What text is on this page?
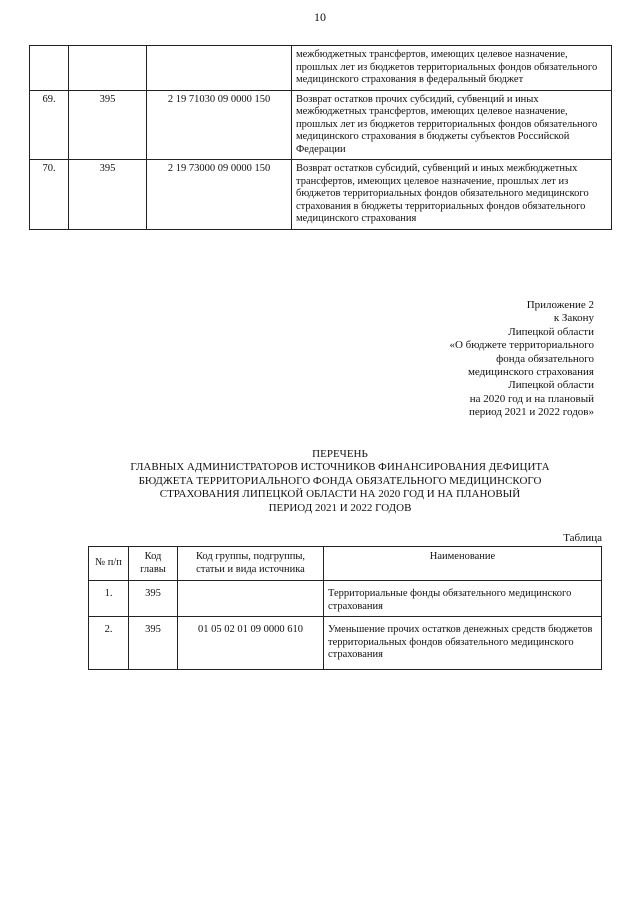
10
			межбюджетных трансфертов, имеющих целевое назначение, прошлых лет из бюджетов территориальных фондов обязательного медицинского страхования в федеральный бюджет
69.	395	2 19 71030 09 0000 150	Возврат остатков прочих субсидий, субвенций и иных межбюджетных трансфертов, имеющих целевое назначение, прошлых лет из бюджетов территориальных фондов обязательного медицинского страхования в бюджеты субъектов Российской Федерации
70.	395	2 19 73000 09 0000 150	Возврат остатков субсидий, субвенций и иных межбюджетных трансфертов, имеющих целевое назначение, прошлых лет из бюджетов территориальных фондов обязательного медицинского страхования в бюджеты территориальных фондов обязательного медицинского страхования
Приложение 2
к Закону
Липецкой области
«О бюджете территориального
фонда обязательного
медицинского страхования
Липецкой области
на 2020 год и на плановый
период 2021 и 2022 годов»
ПЕРЕЧЕНЬ
ГЛАВНЫХ АДМИНИСТРАТОРОВ ИСТОЧНИКОВ ФИНАНСИРОВАНИЯ ДЕФИЦИТА
БЮДЖЕТА ТЕРРИТОРИАЛЬНОГО ФОНДА ОБЯЗАТЕЛЬНОГО МЕДИЦИНСКОГО
СТРАХОВАНИЯ ЛИПЕЦКОЙ ОБЛАСТИ НА 2020 ГОД И НА ПЛАНОВЫЙ
ПЕРИОД 2021 И 2022 ГОДОВ
Таблица
№ п/п	Код главы	Код группы, подгруппы, статьи и вида источника	Наименование
1.	395		Территориальные фонды обязательного медицинского страхования
2.	395	01 05 02 01 09 0000 610	Уменьшение прочих остатков денежных средств бюджетов территориальных фондов обязательного медицинского страхования
